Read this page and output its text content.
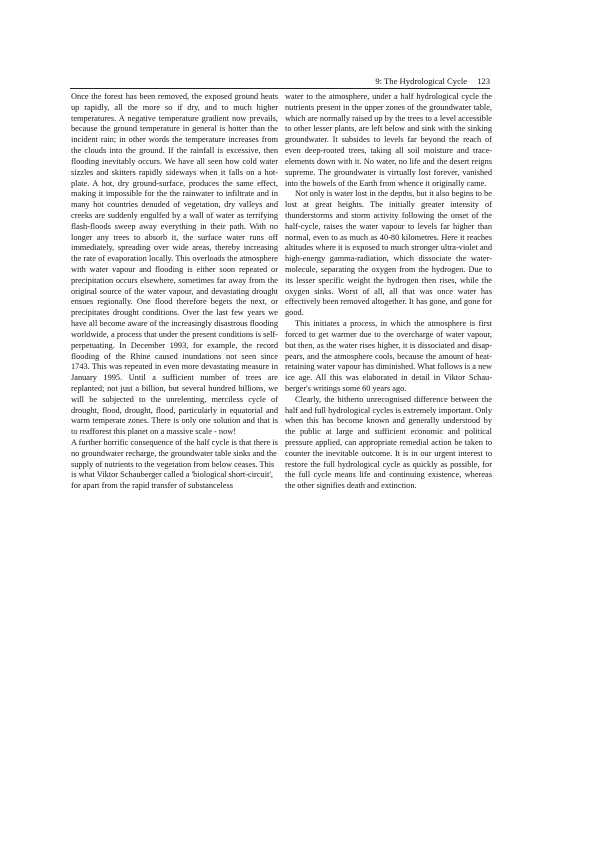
9: The Hydrological Cycle 123

Once the forest has been removed, the exposed ground heats up rapidly, all the more so if dry, and to much higher temperatures. A negative temperature gradient now prevails, because the ground temperature in general is hotter than the incident rain; in other words the temperature increases from the clouds into the ground. If the rainfall is excessive, then flooding inevitably occurs. We have all seen how cold water sizzles and skitters rapidly sideways when it falls on a hot-plate. A hot, dry ground-surface, produces the same effect, making it impossible for the the rainwater to infiltrate and in many hot countries denuded of vegetation, dry valleys and creeks are suddenly engulfed by a wall of water as terrifying flash-floods sweep away everything in their path. With no longer any trees to absorb it, the surface water runs off immediately, spreading over wide areas, thereby increasing the rate of evaporation locally. This overloads the atmosphere with water vapour and flooding is either soon repeated or precipitation occurs elsewhere, sometimes far away from the original source of the water vapour, and devastating drought ensues regionally. One flood therefore begets the next, or precipitates drought conditions. Over the last few years we have all become aware of the increasingly disastrous flooding worldwide, a process that under the present conditions is self-perpetuating. In December 1993, for example, the record flooding of the Rhine caused inundations not seen since 1743. This was repeated in even more devastating measure in January 1995. Until a sufficient number of trees are replanted; not just a billion, but several hundred billions, we will be subjected to the unrelenting, merciless cycle of drought, flood, drought, flood, particularly in equatorial and warm temperate zones. There is only one solution and that is to reafforest this planet on a massive scale - now!

A further horrific consequence of the half cycle is that there is no groundwater recharge, the groundwater table sinks and the supply of nutrients to the vegetation from below ceases. This is what Viktor Schauberger called a 'biological short-circuit', for apart from the rapid transfer of substanceless

water to the atmosphere, under a half hydrological cycle the nutrients present in the upper zones of the groundwater table, which are normally raised up by the trees to a level accessible to other lesser plants, are left below and sink with the sinking groundwater. It subsides to levels far beyond the reach of even deep-rooted trees, taking all soil moisture and trace-elements down with it. No water, no life and the desert reigns supreme. The groundwater is virtually lost forever, vanished into the bowels of the Earth from whence it originally came.

Not only is water lost in the depths, but it also begins to be lost at great heights. The initially greater intensity of thunderstorms and storm activity following the onset of the half-cycle, raises the water vapour to levels far higher than normal, even to as much as 40-80 kilometres. Here it reaches altitudes where it is exposed to much stronger ultra-violet and high-energy gamma-radiation, which dissociate the water-molecule, separating the oxygen from the hydrogen. Due to its lesser specific weight the hydrogen then rises, while the oxygen sinks. Worst of all, all that was once water has effectively been removed altogether. It has gone, and gone for good.

This initiates a process, in which the atmosphere is first forced to get warmer due to the overcharge of water vapour, but then, as the water rises higher, it is dissociated and disappears, and the atmosphere cools, because the amount of heat-retaining water vapour has diminished. What follows is a new ice age. All this was elaborated in detail in Viktor Schauberger's writings some 60 years ago.

Clearly, the hitherto unrecognised difference between the half and full hydrological cycles is extremely important. Only when this has become known and generally understood by the public at large and sufficient economic and political pressure applied, can appropriate remedial action be taken to counter the inevitable outcome. It is in our urgent interest to restore the full hydrological cycle as quickly as possible, for the full cycle means life and continuing existence, whereas the other signifies death and extinction.
